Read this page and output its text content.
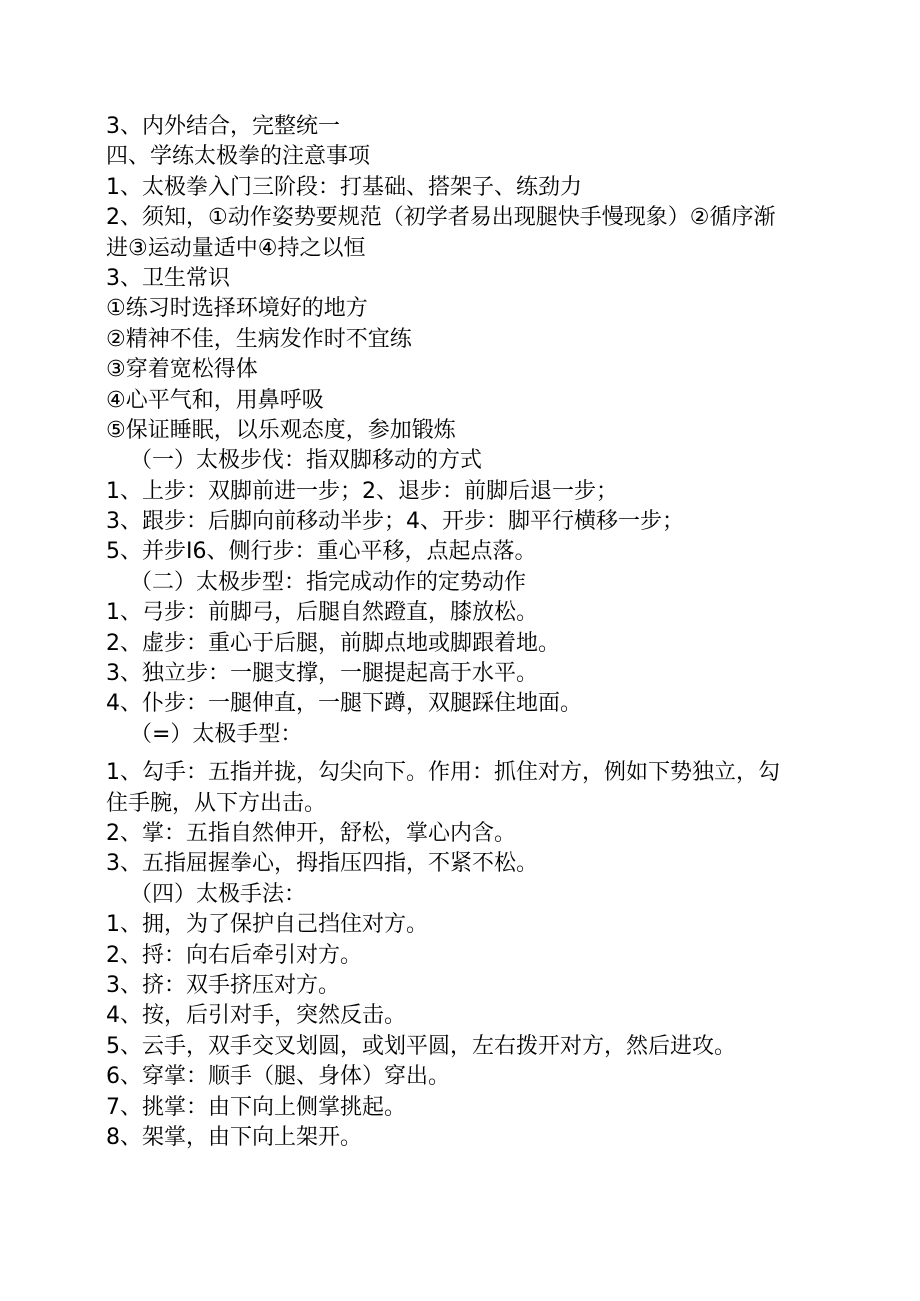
3、内外结合，完整统一
四、学练太极拳的注意事项
1、太极拳入门三阶段：打基础、搭架子、练劲力
2、须知，①动作姿势要规范（初学者易出现腿快手慢现象）②循序渐
进③运动量适中④持之以恒
3、卫生常识
①练习时选择环境好的地方
②精神不佳，生病发作时不宜练
③穿着宽松得体
④心平气和，用鼻呼吸
⑤保证睡眠，以乐观态度，参加锻炼
（一）太极步伐：指双脚移动的方式
1、上步：双脚前进一步；2、退步：前脚后退一步；
3、跟步：后脚向前移动半步；4、开步：脚平行横移一步；
5、并步I6、侧行步：重心平移，点起点落。
（二）太极步型：指完成动作的定势动作
1、弓步：前脚弓，后腿自然蹬直，膝放松。
2、虚步：重心于后腿，前脚点地或脚跟着地。
3、独立步：一腿支撑，一腿提起高于水平。
4、仆步：一腿伸直，一腿下蹲，双腿踩住地面。
（=）太极手型：
1、勾手：五指并拢，勾尖向下。作用：抓住对方，例如下势独立，勾
住手腕，从下方出击。
2、掌：五指自然伸开，舒松，掌心内含。
3、五指屈握拳心，拇指压四指，不紧不松。
（四）太极手法：
1、拥，为了保护自己挡住对方。
2、捋：向右后牵引对方。
3、挤：双手挤压对方。
4、按，后引对手，突然反击。
5、云手，双手交叉划圆，或划平圆，左右拨开对方，然后进攻。
6、穿掌：顺手（腿、身体）穿出。
7、挑掌：由下向上侧掌挑起。
8、架掌，由下向上架开。
